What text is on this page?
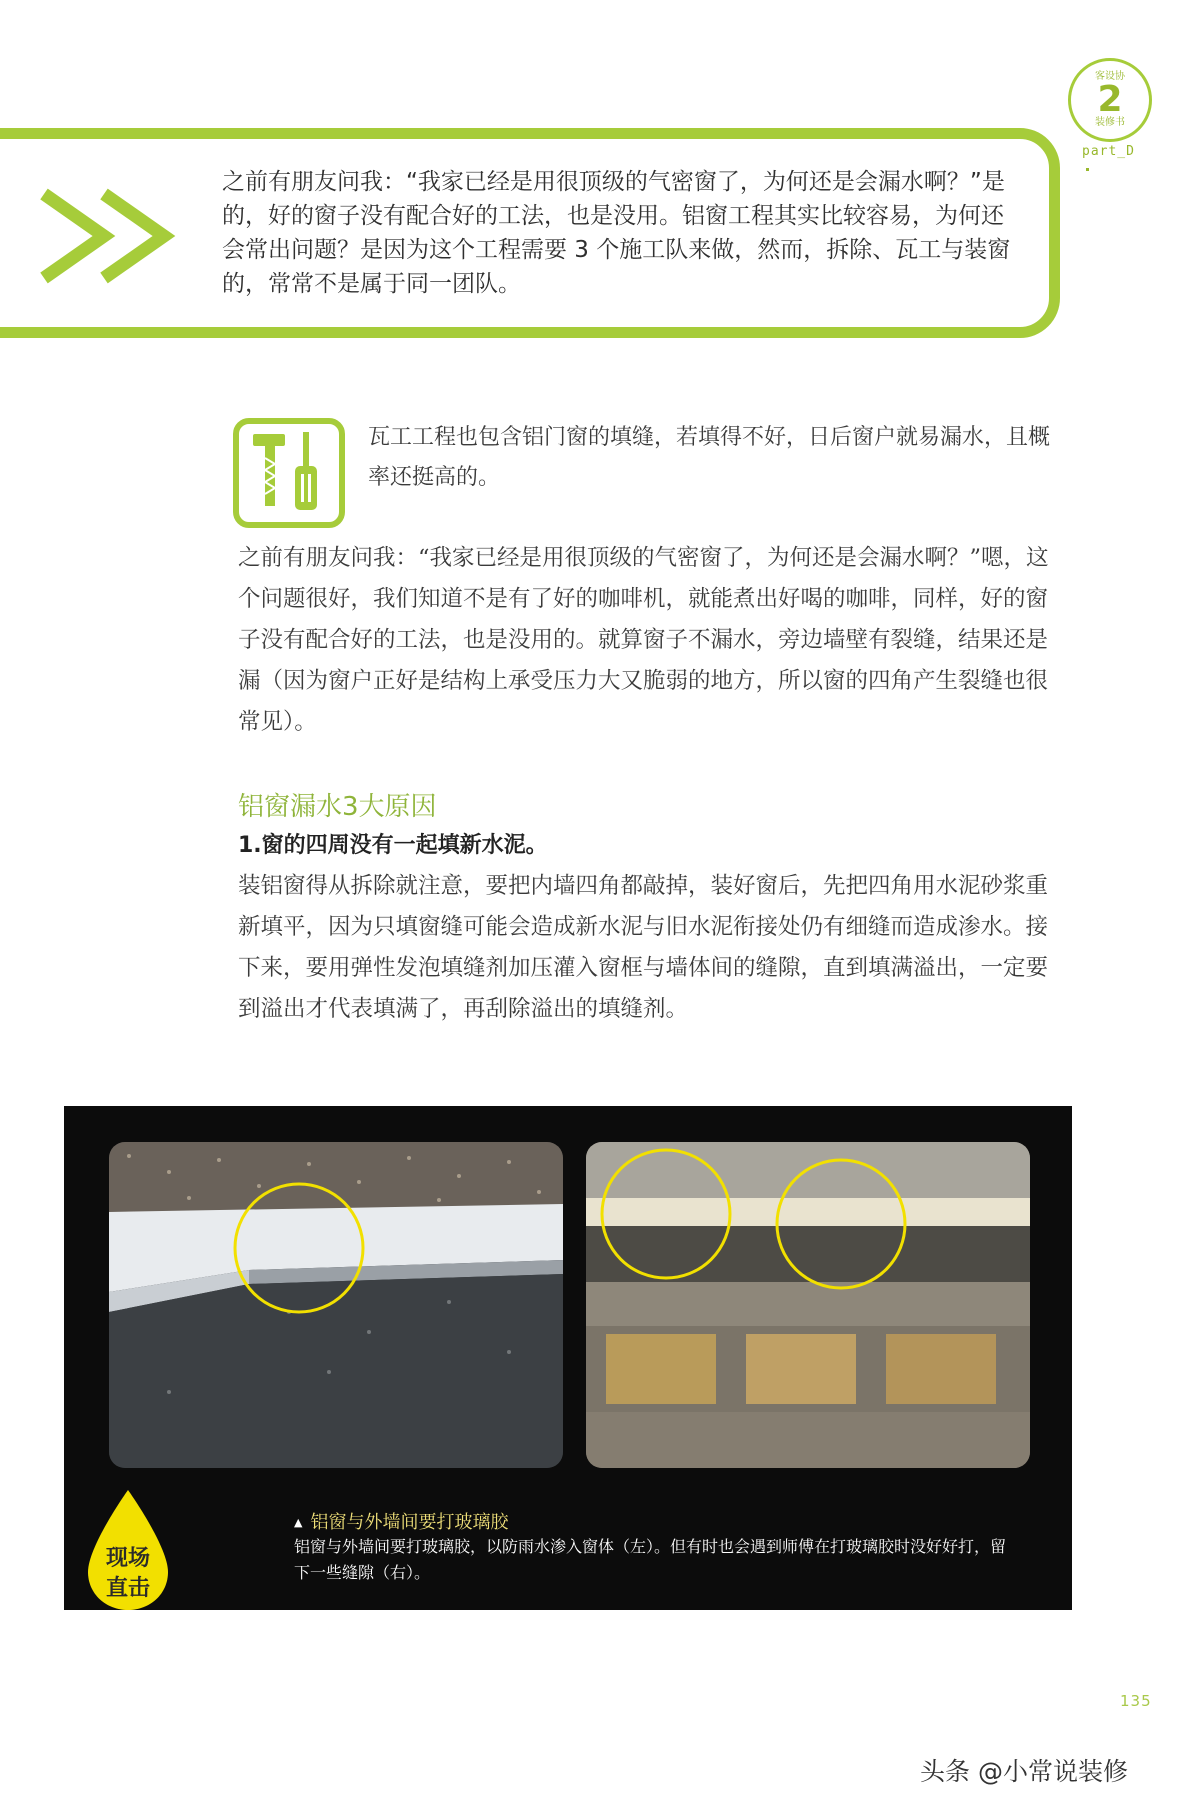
客设协
2
装修书
part_D

之前有朋友问我：“我家已经是用很顶级的气密窗了，为何还是会漏水啊？”是的，好的窗子没有配合好的工法，也是没用。铝窗工程其实比较容易，为何还会常出问题？是因为这个工程需要 3 个施工队来做，然而，拆除、瓦工与装窗的，常常不是属于同一团队。

瓦工工程也包含铝门窗的填缝，若填得不好，日后窗户就易漏水，且概率还挺高的。

之前有朋友问我：“我家已经是用很顶级的气密窗了，为何还是会漏水啊？”嗯，这个问题很好，我们知道不是有了好的咖啡机，就能煮出好喝的咖啡，同样，好的窗子没有配合好的工法，也是没用的。就算窗子不漏水，旁边墙壁有裂缝，结果还是漏（因为窗户正好是结构上承受压力大又脆弱的地方，所以窗的四角产生裂缝也很常见）。

铝窗漏水3大原因
1.窗的四周没有一起填新水泥。

装铝窗得从拆除就注意，要把内墙四角都敲掉，装好窗后，先把四角用水泥砂浆重新填平，因为只填窗缝可能会造成新水泥与旧水泥衔接处仍有细缝而造成渗水。接下来，要用弹性发泡填缝剂加压灌入窗框与墙体间的缝隙，直到填满溢出，一定要到溢出才代表填满了，再刮除溢出的填缝剂。

▲ 铝窗与外墙间要打玻璃胶

铝窗与外墙间要打玻璃胶，以防雨水渗入窗体（左）。但有时也会遇到师傅在打玻璃胶时没好好打，留下一些缝隙（右）。

现场
直击

135

头条 @小常说装修
